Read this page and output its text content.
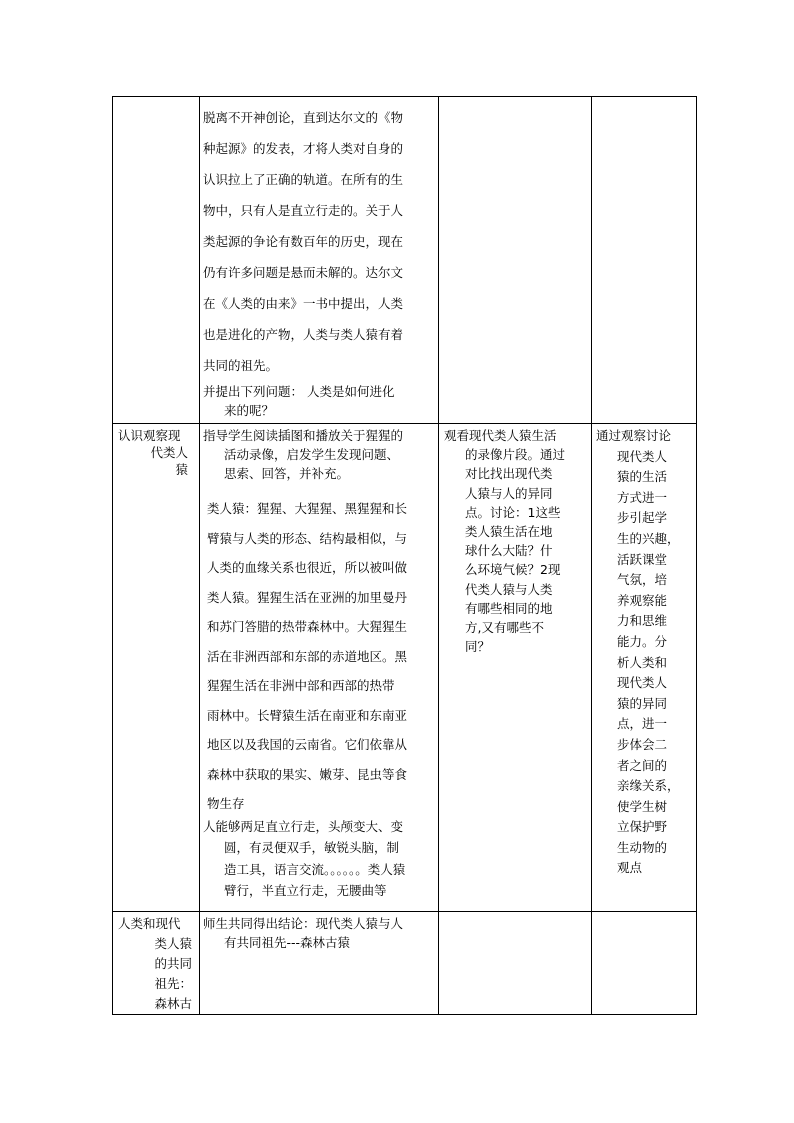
脱离不开神创论，直到达尔文的《物
种起源》的发表，才将人类对自身的
认识拉上了正确的轨道。在所有的生
物中，只有人是直立行走的。关于人
类起源的争论有数百年的历史，现在
仍有许多问题是悬而未解的。达尔文
在《人类的由来》一书中提出，人类
也是进化的产物，人类与类人猿有着
共同的祖先。
并提出下列问题： 人类是如何进化
来的呢？
认识观察现
代类人
猿
指导学生阅读插图和播放关于猩猩的
活动录像，启发学生发现问题、
思索、回答，并补充。
类人猿：猩猩、大猩猩、黑猩猩和长
臂猿与人类的形态、结构最相似，与
人类的血缘关系也很近，所以被叫做
类人猿。猩猩生活在亚洲的加里曼丹
和苏门答腊的热带森林中。大猩猩生
活在非洲西部和东部的赤道地区。黑
猩猩生活在非洲中部和西部的热带
雨林中。长臂猿生活在南亚和东南亚
地区以及我国的云南省。它们依靠从
森林中获取的果实、嫩芽、昆虫等食
物生存
人能够两足直立行走，头颅变大、变
圆，有灵便双手，敏锐头脑，制
造工具，语言交流。。。。。。类人猿
臂行，半直立行走，无腰曲等
观看现代类人猿生活
的录像片段。通过
对比找出现代类
人猿与人的异同
点。讨论：1这些
类人猿生活在地
球什么大陆？什
么环境气候？2现
代类人猿与人类
有哪些相同的地
方,又有哪些不
同？
通过观察讨论
现代类人
猿的生活
方式进一
步引起学
生的兴趣，
活跃课堂
气氛，培
养观察能
力和思维
能力。分
析人类和
现代类人
猿的异同
点，进一
步体会二
者之间的
亲缘关系，
使学生树
立保护野
生动物的
观点
人类和现代
类人猿
的共同
祖先：
森林古
师生共同得出结论：现代类人猿与人
有共同祖先---森林古猿
